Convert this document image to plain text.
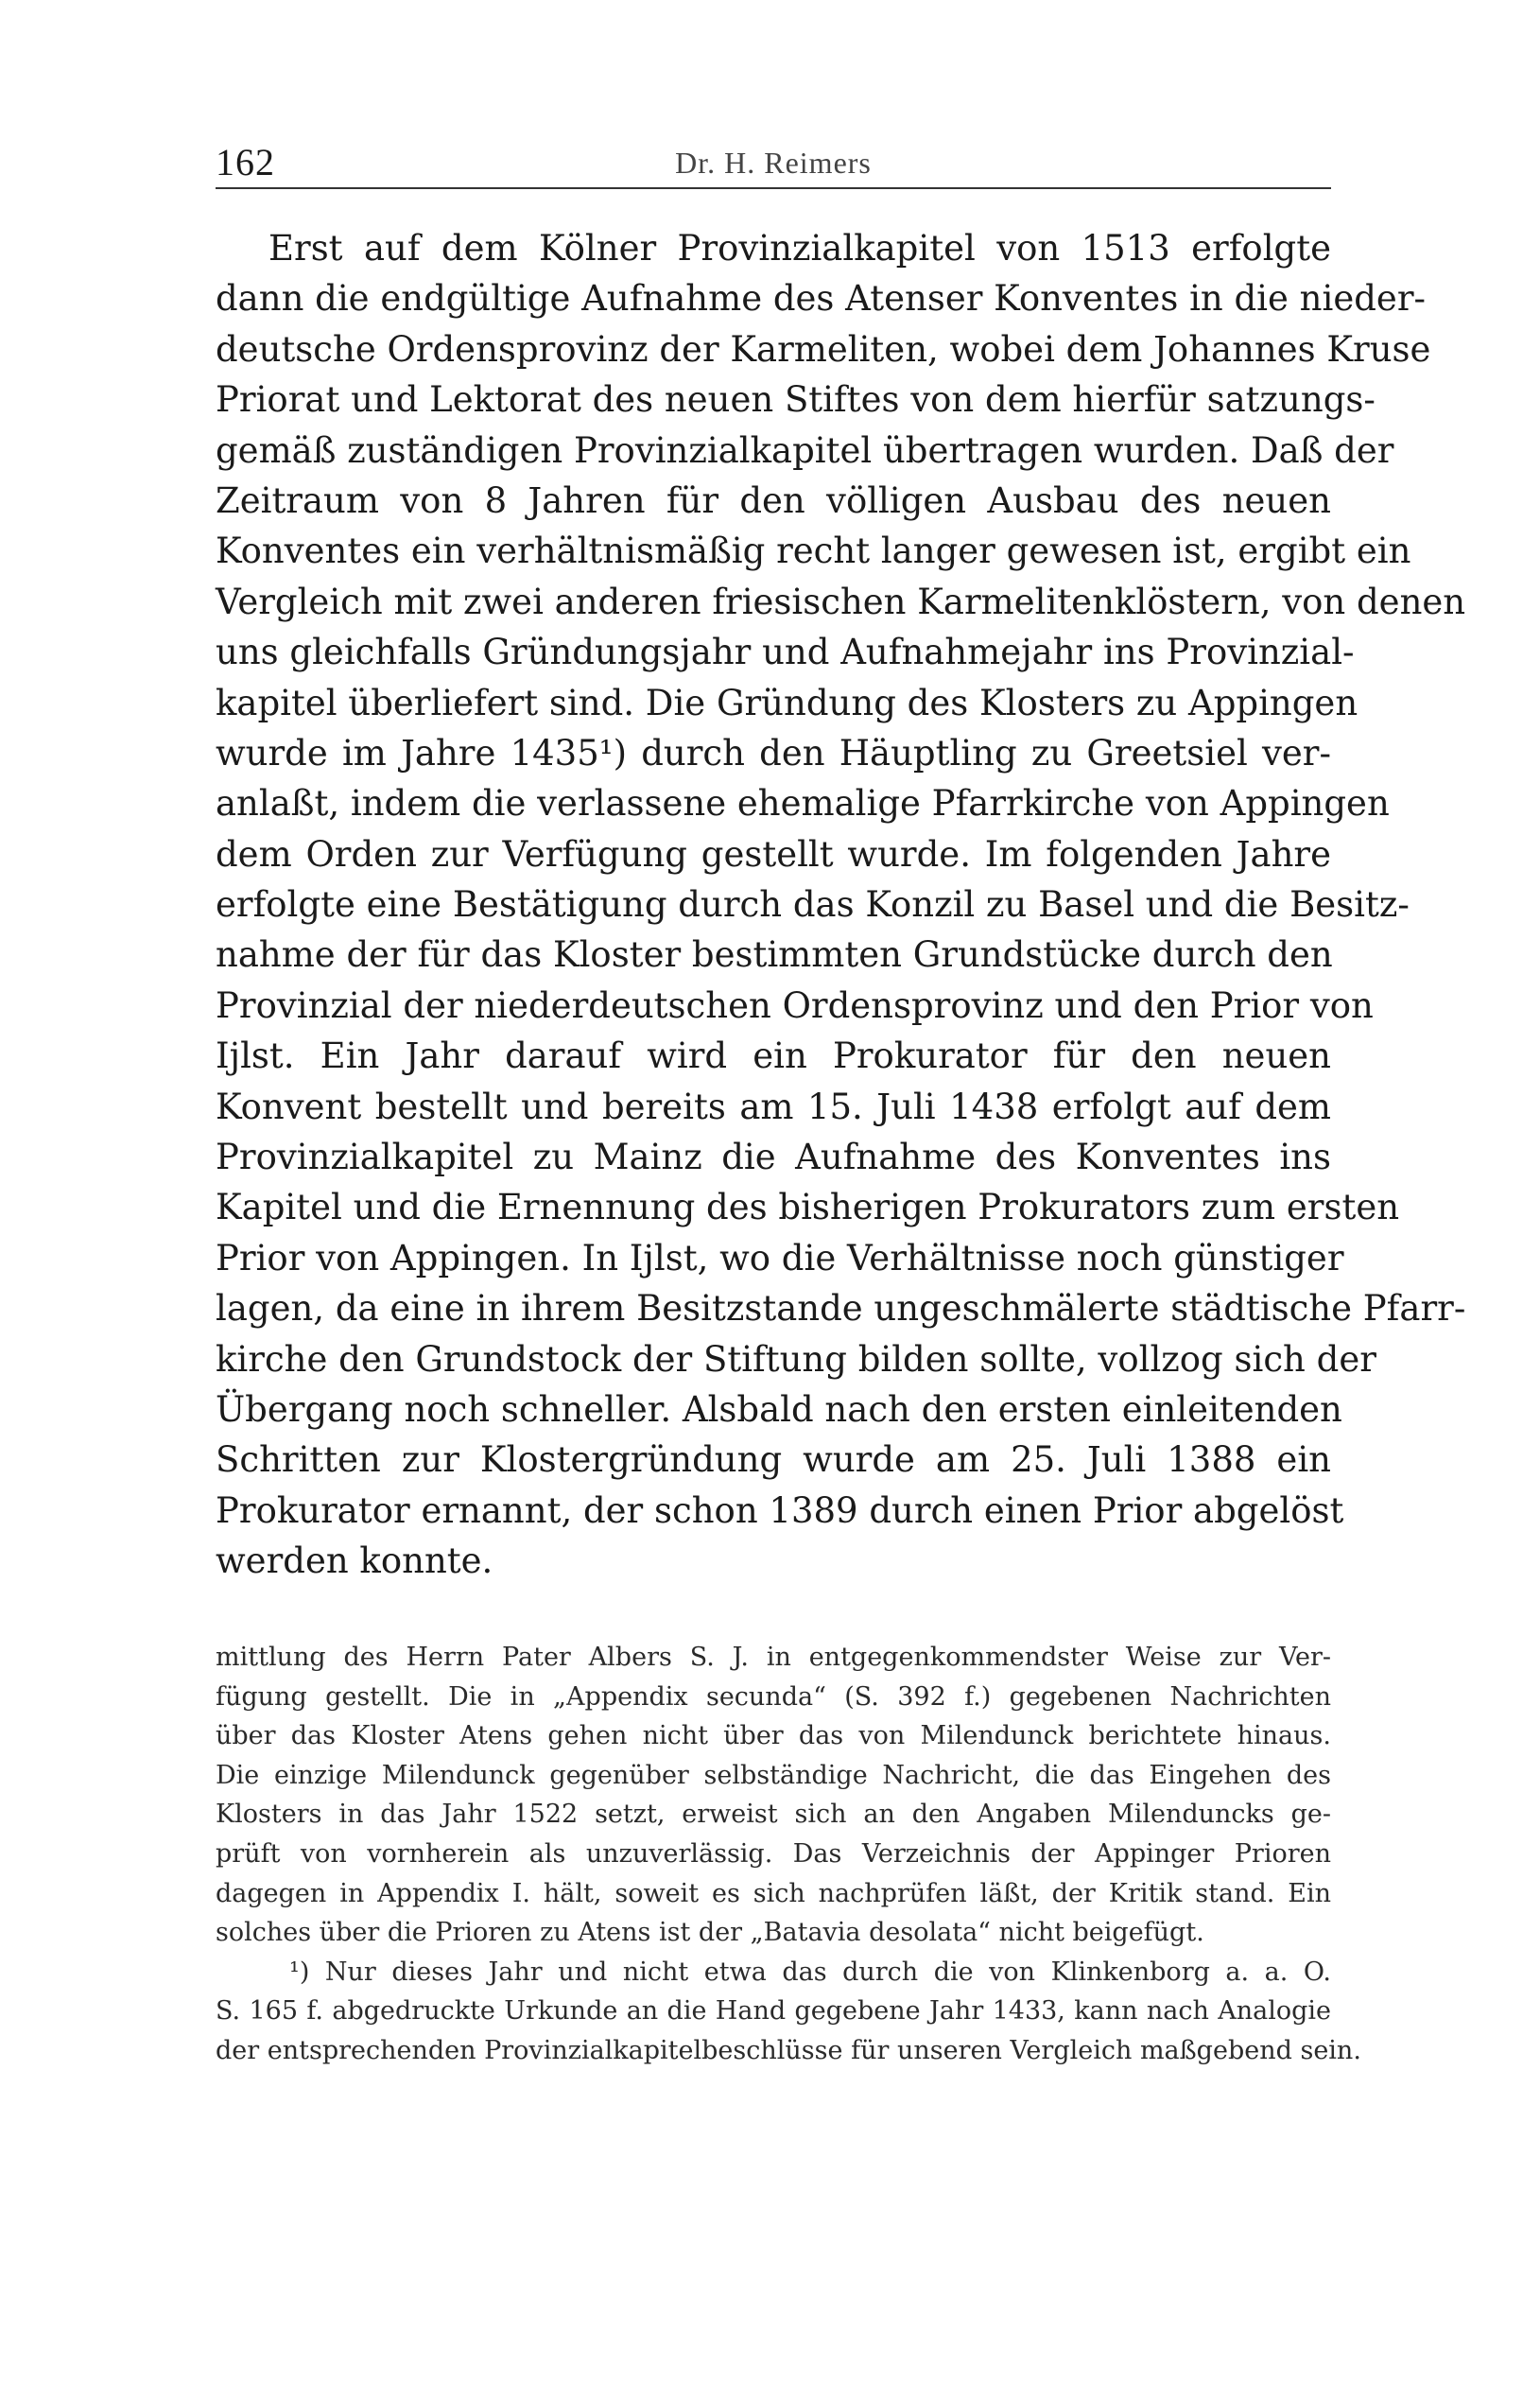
162	Dr. H. Reimers
Erst auf dem Kölner Provinzialkapitel von 1513 erfolgte
dann die endgültige Aufnahme des Atenser Konventes in die nieder-
deutsche Ordensprovinz der Karmeliten, wobei dem Johannes Kruse
Priorat und Lektorat des neuen Stiftes von dem hierfür satzungs-
gemäß zuständigen Provinzialkapitel übertragen wurden. Daß der
Zeitraum von 8 Jahren für den völligen Ausbau des neuen
Konventes ein verhältnismäßig recht langer gewesen ist, ergibt ein
Vergleich mit zwei anderen friesischen Karmelitenklöstern, von denen
uns gleichfalls Gründungsjahr und Aufnahmejahr ins Provinzial-
kapitel überliefert sind. Die Gründung des Klosters zu Appingen
wurde im Jahre 1435¹) durch den Häuptling zu Greetsiel ver-
anlaßt, indem die verlassene ehemalige Pfarrkirche von Appingen
dem Orden zur Verfügung gestellt wurde. Im folgenden Jahre
erfolgte eine Bestätigung durch das Konzil zu Basel und die Besitz-
nahme der für das Kloster bestimmten Grundstücke durch den
Provinzial der niederdeutschen Ordensprovinz und den Prior von
Ijlst. Ein Jahr darauf wird ein Prokurator für den neuen
Konvent bestellt und bereits am 15. Juli 1438 erfolgt auf dem
Provinzialkapitel zu Mainz die Aufnahme des Konventes ins
Kapitel und die Ernennung des bisherigen Prokurators zum ersten
Prior von Appingen. In Ijlst, wo die Verhältnisse noch günstiger
lagen, da eine in ihrem Besitzstande ungeschmälerte städtische Pfarr-
kirche den Grundstock der Stiftung bilden sollte, vollzog sich der
Übergang noch schneller. Alsbald nach den ersten einleitenden
Schritten zur Klostergründung wurde am 25. Juli 1388 ein
Prokurator ernannt, der schon 1389 durch einen Prior abgelöst
werden konnte.
mittlung des Herrn Pater Albers S. J. in entgegenkommendster Weise zur Ver-
fügung gestellt. Die in „Appendix secunda“ (S. 392 f.) gegebenen Nachrichten
über das Kloster Atens gehen nicht über das von Milendunck berichtete hinaus.
Die einzige Milendunck gegenüber selbständige Nachricht, die das Eingehen des
Klosters in das Jahr 1522 setzt, erweist sich an den Angaben Milenduncks ge-
prüft von vornherein als unzuverlässig. Das Verzeichnis der Appinger Prioren
dagegen in Appendix I. hält, soweit es sich nachprüfen läßt, der Kritik stand. Ein
solches über die Prioren zu Atens ist der „Batavia desolata“ nicht beigefügt.
¹) Nur dieses Jahr und nicht etwa das durch die von Klinkenborg a. a. O.
S. 165 f. abgedruckte Urkunde an die Hand gegebene Jahr 1433, kann nach Analogie
der entsprechenden Provinzialkapitelbeschlüsse für unseren Vergleich maßgebend sein.
